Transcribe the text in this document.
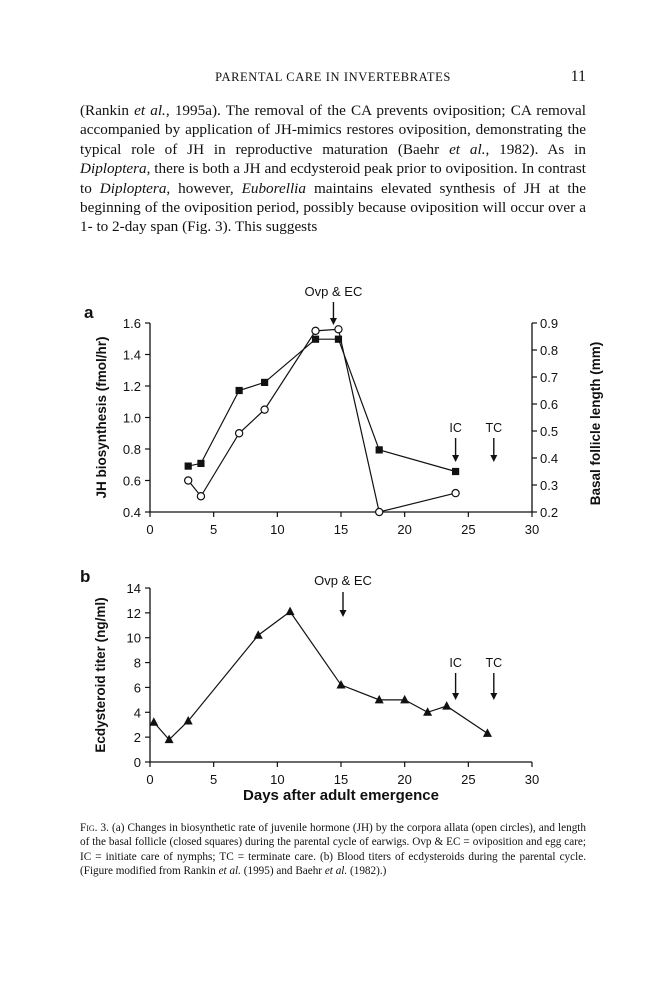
PARENTAL CARE IN INVERTEBRATES	11

(Rankin et al., 1995a). The removal of the CA prevents oviposition; CA removal accompanied by application of JH-mimics restores oviposition, demonstrating the typical role of JH in reproductive maturation (Baehr et al., 1982). As in Diploptera, there is both a JH and ecdysteroid peak prior to oviposition. In contrast to Diploptera, however, Euborellia maintains elevated synthesis of JH at the beginning of the oviposition period, possibly because oviposition will occur over a 1- to 2-day span (Fig. 3). This suggests

a
0.4
0.6
0.8
1.0
1.2
1.4
1.6
0.2
0.3
0.4
0.5
0.6
0.7
0.8
0.9
0	5	10	15	20	25	30
JH biosynthesis (fmol/hr)	Basal follicle length (mm)
Ovp & EC
IC TC
b
0
2
4
6
8
10
12
14
0	5	10	15	20	25	30
Ecdysteroid titer (ng/ml)
Days after adult emergence
Ovp & EC
IC TC
Fig. 3. (a) Changes in biosynthetic rate of juvenile hormone (JH) by the corpora allata (open circles), and length of the basal follicle (closed squares) during the parental cycle of earwigs. Ovp & EC = oviposition and egg care; IC = initiate care of nymphs; TC = terminate care. (b) Blood titers of ecdysteroids during the parental cycle. (Figure modified from Rankin et al. (1995) and Baehr et al. (1982).)
